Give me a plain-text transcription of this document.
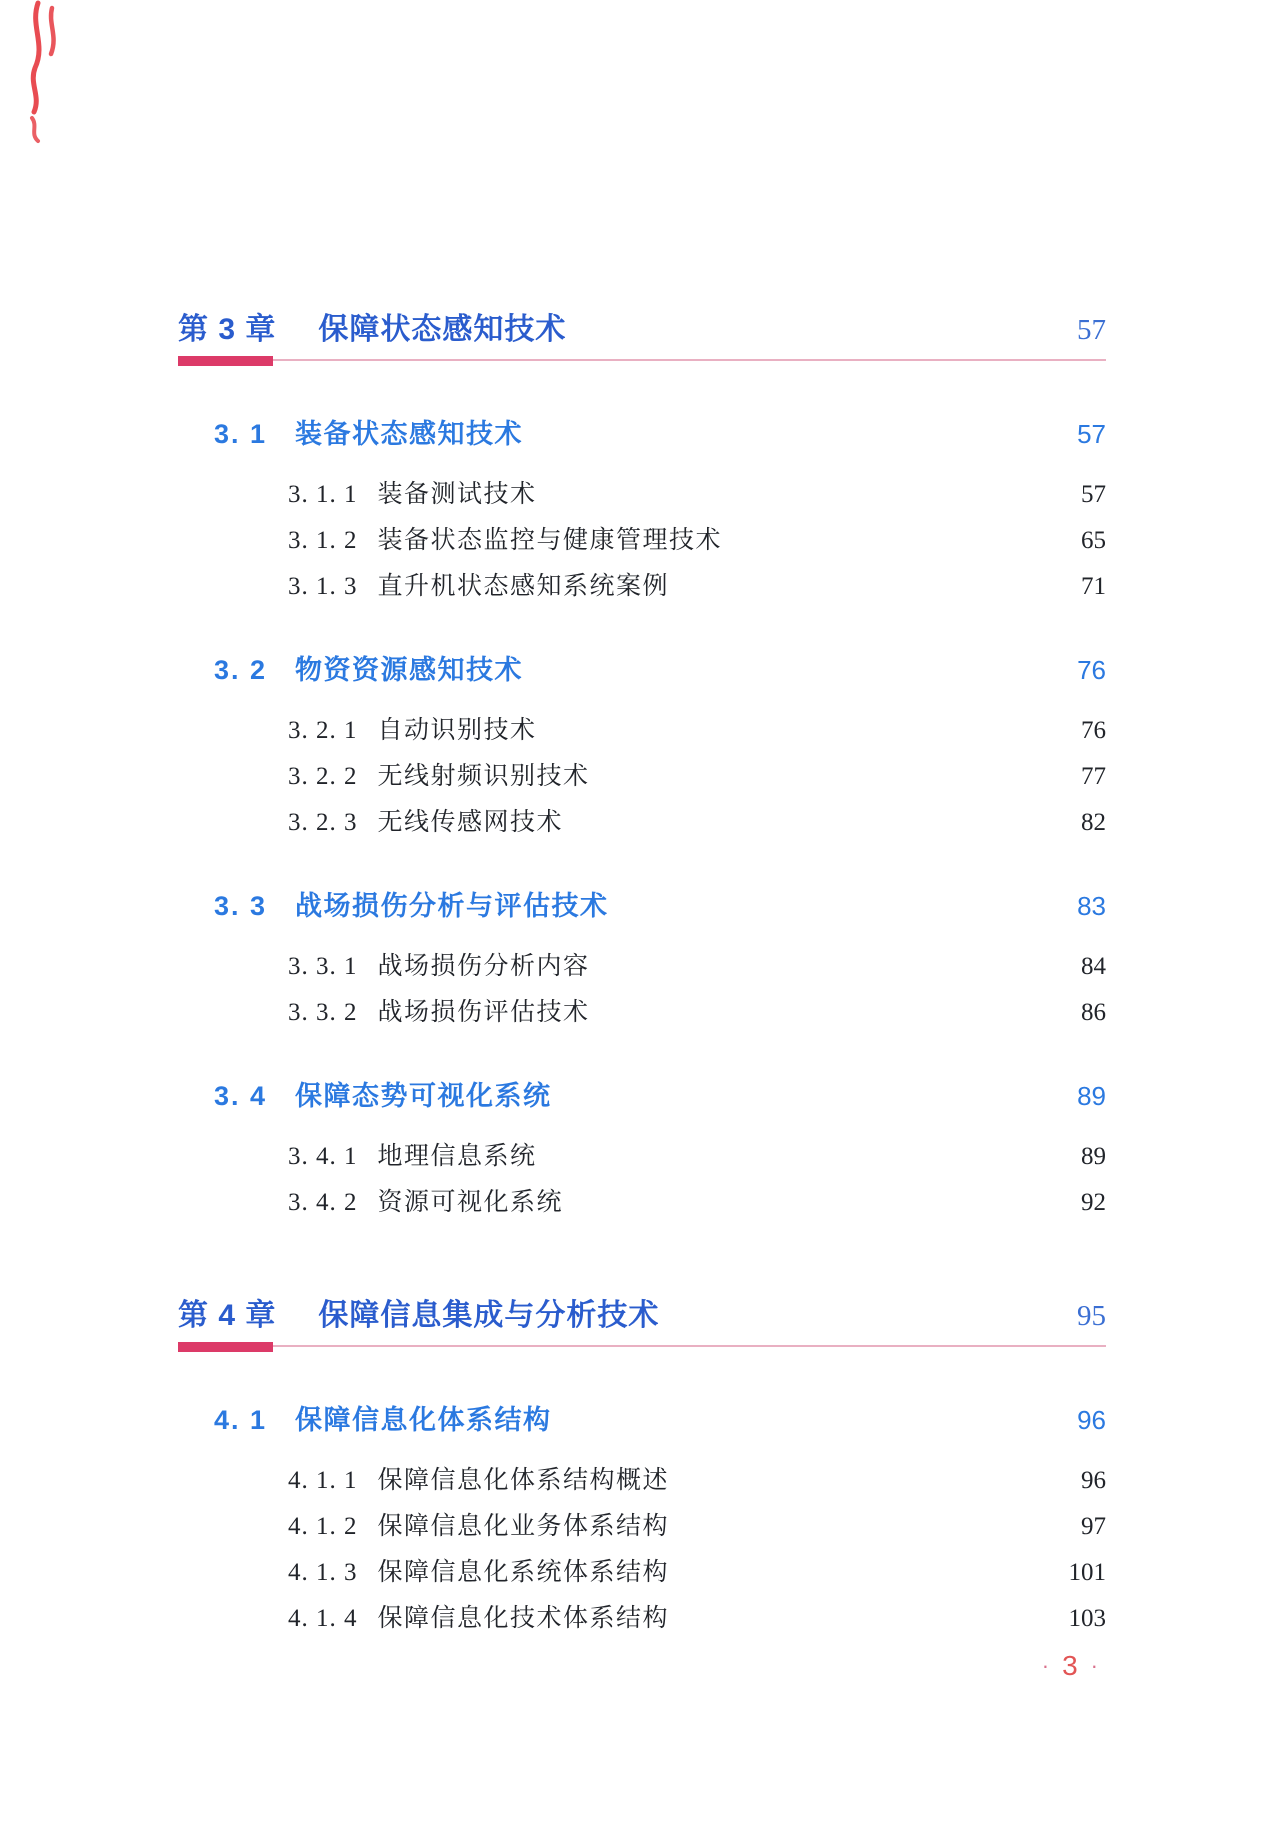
第 3 章 保障状态感知技术	57
3. 1 装备状态感知技术	57
3. 1. 1 装备测试技术	57
3. 1. 2 装备状态监控与健康管理技术	65
3. 1. 3 直升机状态感知系统案例	71
3. 2 物资资源感知技术	76
3. 2. 1 自动识别技术	76
3. 2. 2 无线射频识别技术	77
3. 2. 3 无线传感网技术	82
3. 3 战场损伤分析与评估技术	83
3. 3. 1 战场损伤分析内容	84
3. 3. 2 战场损伤评估技术	86
3. 4 保障态势可视化系统	89
3. 4. 1 地理信息系统	89
3. 4. 2 资源可视化系统	92
第 4 章 保障信息集成与分析技术	95
4. 1 保障信息化体系结构	96
4. 1. 1 保障信息化体系结构概述	96
4. 1. 2 保障信息化业务体系结构	97
4. 1. 3 保障信息化系统体系结构	101
4. 1. 4 保障信息化技术体系结构	103
· 3 ·
